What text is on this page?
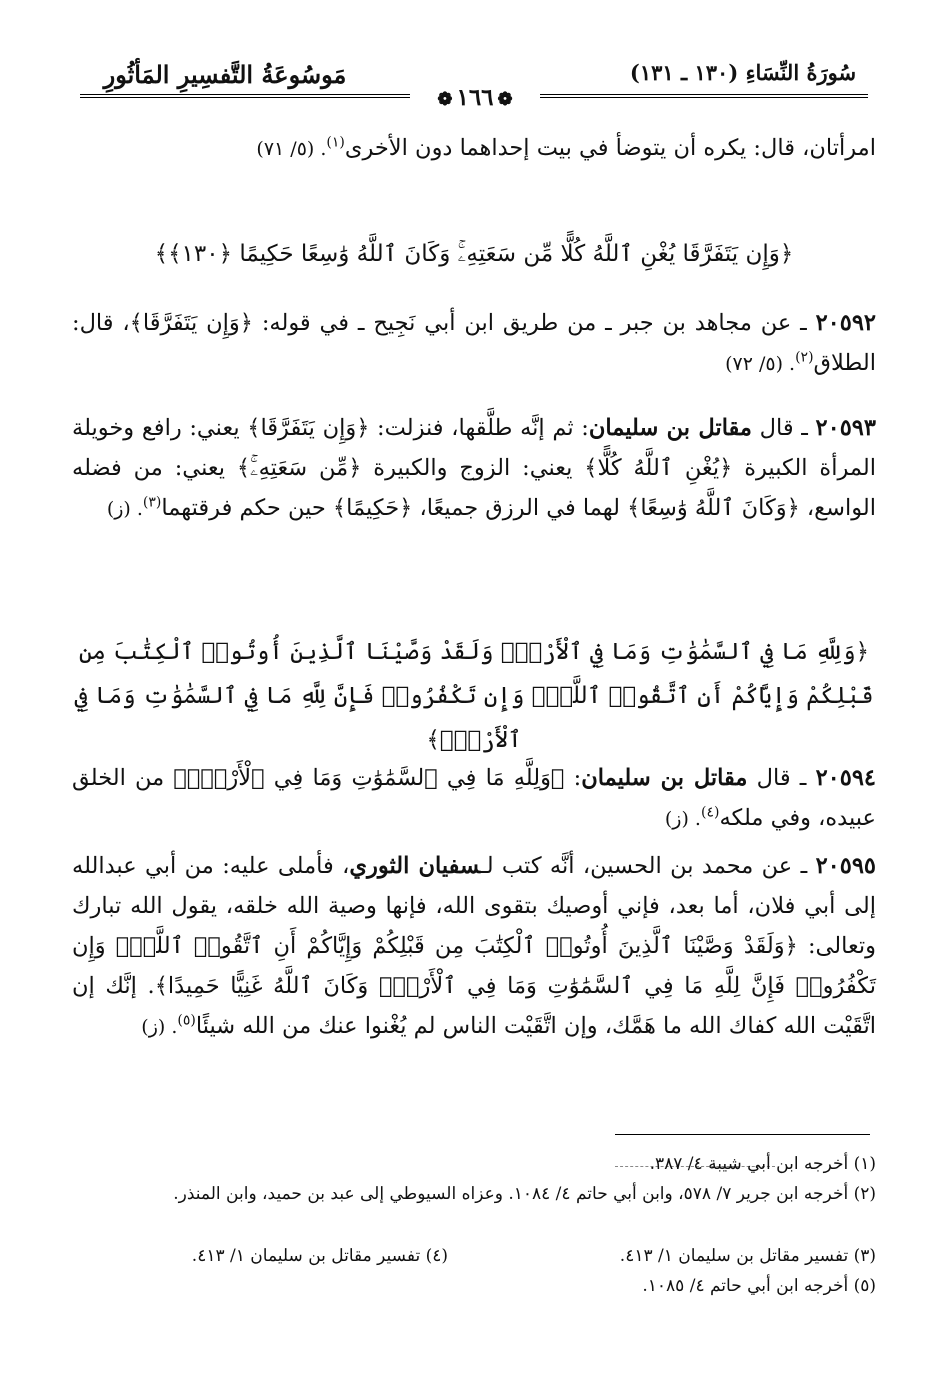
مَوسُوعَةُ التَّفسِيرِ المَأثُورِ	سُورَةُ النِّسَاءِ (١٣٠ ـ ١٣١)
❁ ١٦٦ ❁
امرأتان، قال: يكره أن يتوضأ في بيت إحداهما دون الأخرى$^{(١)}$. (٥/ ٧١)
﴿وَإِن يَتَفَرَّقَا يُغْنِ ٱللَّهُ كُلًّا مِّن سَعَتِهِۦۚ وَكَانَ ٱللَّهُ وَٰسِعًا حَكِيمًا ﴿١٣٠﴾﴾
٢٠٥٩٢ ـ عن مجاهد بن جبر ـ من طريق ابن أبي نَجِيح ـ في قوله: ﴿وَإِن يَتَفَرَّقَا﴾، قال: الطلاق$^{(٢)}$. (٥/ ٧٢)
٢٠٥٩٣ ـ قال مقاتل بن سليمان: ثم إنَّه طلَّقها، فنزلت: ﴿وَإِن يَتَفَرَّقَا﴾ يعني: رافع وخويلة المرأة الكبيرة ﴿يُغْنِ ٱللَّهُ كُلًّا﴾ يعني: الزوج والكبيرة ﴿مِّن سَعَتِهِۦۚ﴾ يعني: من فضله الواسع، ﴿وَكَانَ ٱللَّهُ وَٰسِعًا﴾ لهما في الرزق جميعًا، ﴿حَكِيمًا﴾ حين حكم فرقتهما$^{(٣)}$. (ز)
﴿وَلِلَّهِ مَا فِي ٱلسَّمَٰوَٰتِ وَمَا فِي ٱلْأَرْضِۗ وَلَقَدْ وَصَّيْنَا ٱلَّذِينَ أُوتُوا۟ ٱلْكِتَٰبَ مِن قَبْلِكُمْ وَإِيَّاكُمْ أَنِ ٱتَّقُوا۟ ٱللَّهَۚ وَإِن تَكْفُرُوا۟ فَإِنَّ لِلَّهِ مَا فِي ٱلسَّمَٰوَٰتِ وَمَا فِي ٱلْأَرْضِۚ﴾
٢٠٥٩٤ ـ قال مقاتل بن سليمان: ﴿وَلِلَّهِ مَا فِي ٱلسَّمَٰوَٰتِ وَمَا فِي ٱلْأَرْضِۗ﴾ من الخلق عبيده، وفي ملكه$^{(٤)}$. (ز)
٢٠٥٩٥ ـ عن محمد بن الحسين، أنَّه كتب لـسفيان الثوري، فأملى عليه: من أبي عبدالله إلى أبي فلان، أما بعد، فإني أوصيك بتقوى الله، فإنها وصية الله خلقه، يقول الله تبارك وتعالى: ﴿وَلَقَدْ وَصَّيْنَا ٱلَّذِينَ أُوتُوا۟ ٱلْكِتَٰبَ مِن قَبْلِكُمْ وَإِيَّاكُمْ أَنِ ٱتَّقُوا۟ ٱللَّهَۚ وَإِن تَكْفُرُوا۟ فَإِنَّ لِلَّهِ مَا فِي ٱلسَّمَٰوَٰتِ وَمَا فِي ٱلْأَرْضِۚ وَكَانَ ٱللَّهُ غَنِيًّا حَمِيدًا﴾. إنَّك إن اتَّقَيْت الله كفاك الله ما هَمَّك، وإن اتَّقَيْت الناس لم يُغْنوا عنك من الله شيئًا$^{(٥)}$. (ز)
(١) أخرجه ابن أبي شيبة ٤/ ٣٨٧.
(٢) أخرجه ابن جرير ٧/ ٥٧٨، وابن أبي حاتم ٤/ ١٠٨٤. وعزاه السيوطي إلى عبد بن حميد، وابن المنذر.
(٣) تفسير مقاتل بن سليمان ١/ ٤١٣.
(٤) تفسير مقاتل بن سليمان ١/ ٤١٣.
(٥) أخرجه ابن أبي حاتم ٤/ ١٠٨٥.
